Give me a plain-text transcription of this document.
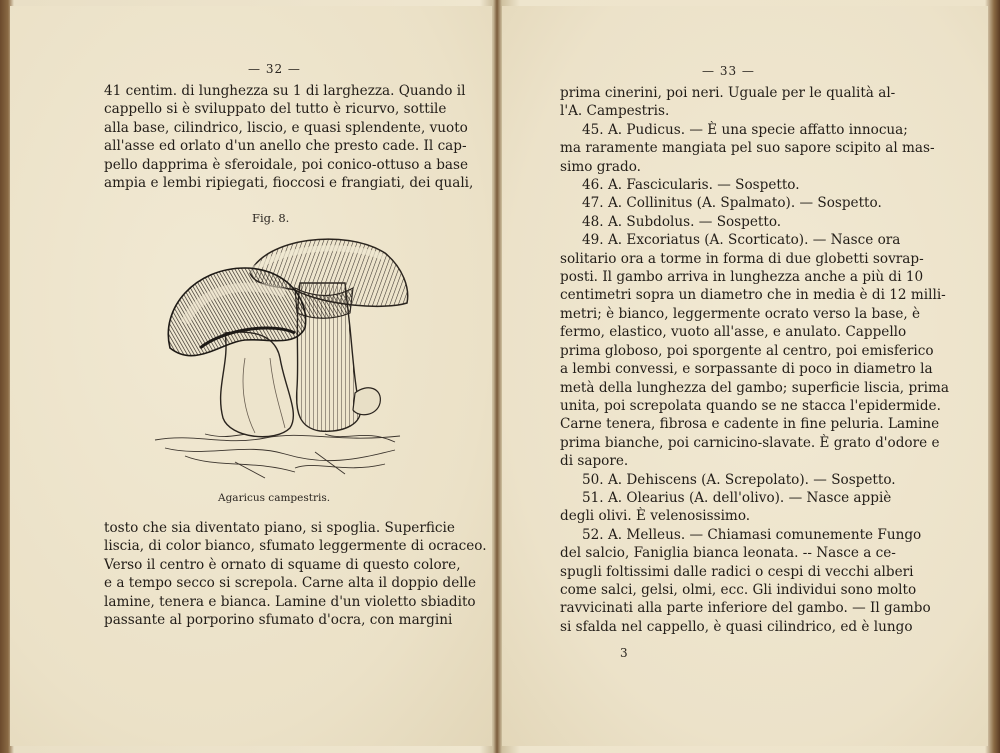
— 32 —
41 centim. di lunghezza su 1 di larghezza. Quando il
cappello si è sviluppato del tutto è ricurvo, sottile
alla base, cilindrico, liscio, e quasi splendente, vuoto
all'asse ed orlato d'un anello che presto cade. Il cap-
pello dapprima è sferoidale, poi conico-ottuso a base
ampia e lembi ripiegati, fioccosi e frangiati, dei quali,
Fig. 8.
Agaricus campestris.
tosto che sia diventato piano, si spoglia. Superficie
liscia, di color bianco, sfumato leggermente di ocraceo.
Verso il centro è ornato di squame di questo colore,
e a tempo secco si screpola. Carne alta il doppio delle
lamine, tenera e bianca. Lamine d'un violetto sbiadito
passante al porporino sfumato d'ocra, con margini
— 33 —
prima cinerini, poi neri. Uguale per le qualità al-
l'A. Campestris.
45. A. Pudicus. — È una specie affatto innocua;
ma raramente mangiata pel suo sapore scipito al mas-
simo grado.
46. A. Fascicularis. — Sospetto.
47. A. Collinitus (A. Spalmato). — Sospetto.
48. A. Subdolus. — Sospetto.
49. A. Excoriatus (A. Scorticato). — Nasce ora
solitario ora a torme in forma di due globetti sovrap-
posti. Il gambo arriva in lunghezza anche a più di 10
centimetri sopra un diametro che in media è di 12 milli-
metri; è bianco, leggermente ocrato verso la base, è
fermo, elastico, vuoto all'asse, e anulato. Cappello
prima globoso, poi sporgente al centro, poi emisferico
a lembi convessi, e sorpassante di poco in diametro la
metà della lunghezza del gambo; superficie liscia, prima
unita, poi screpolata quando se ne stacca l'epidermide.
Carne tenera, fibrosa e cadente in fine peluria. Lamine
prima bianche, poi carnicino-slavate. È grato d'odore e
di sapore.
50. A. Dehiscens (A. Screpolato). — Sospetto.
51. A. Olearius (A. dell'olivo). — Nasce appiè
degli olivi. È velenosissimo.
52. A. Melleus. — Chiamasi comunemente Fungo
del salcio, Faniglia bianca leonata. -- Nasce a ce-
spugli foltissimi dalle radici o cespi di vecchi alberi
come salci, gelsi, olmi, ecc. Gli individui sono molto
ravvicinati alla parte inferiore del gambo. — Il gambo
si sfalda nel cappello, è quasi cilindrico, ed è lungo
3
